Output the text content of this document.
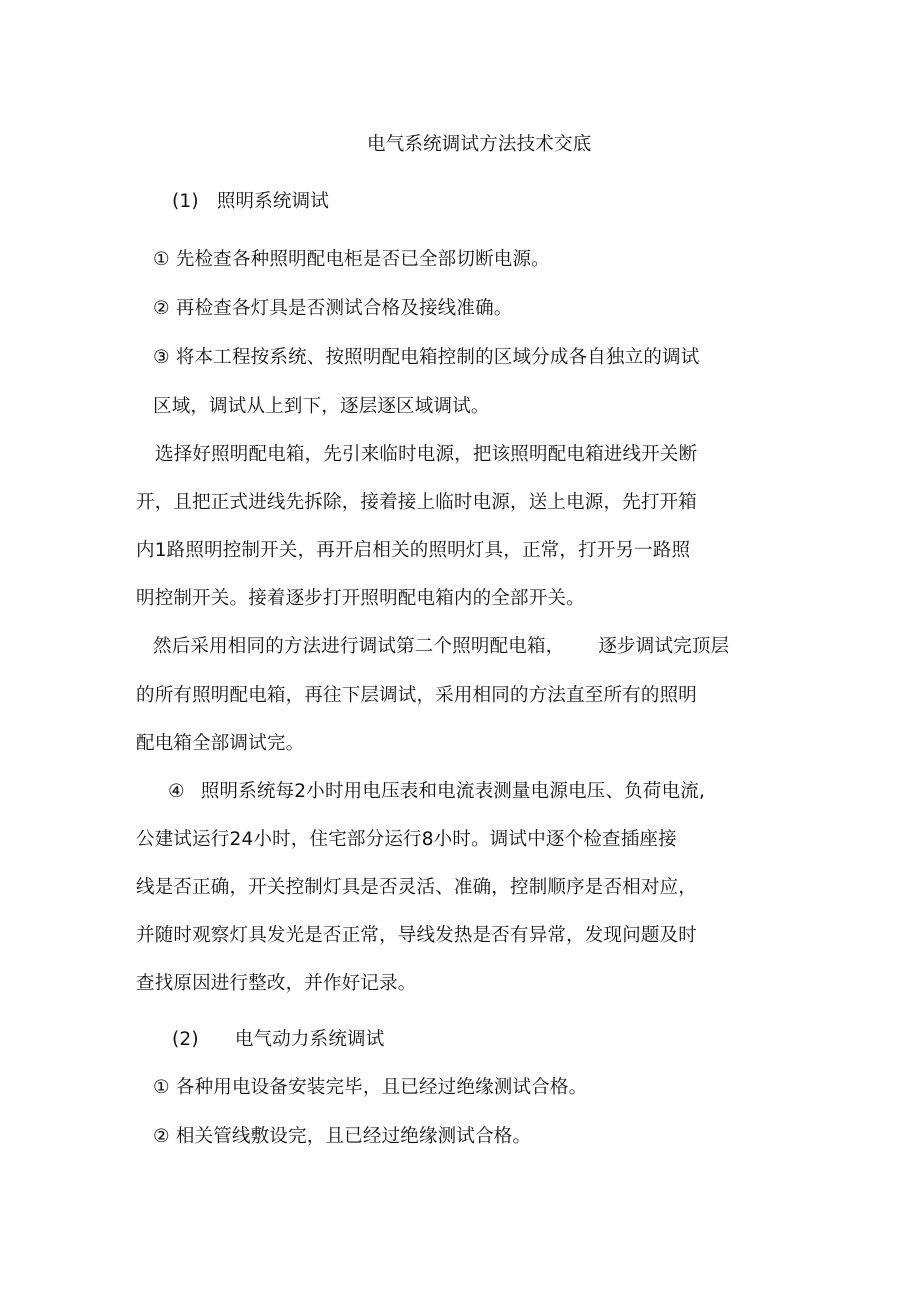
电气系统调试方法技术交底
(1) 照明系统调试
① 先检查各种照明配电柜是否已全部切断电源。
② 再检查各灯具是否测试合格及接线准确。
③ 将本工程按系统、按照明配电箱控制的区域分成各自独立的调试
区域，调试从上到下，逐层逐区域调试。
选择好照明配电箱，先引来临时电源，把该照明配电箱进线开关断
开，且把正式进线先拆除，接着接上临时电源，送上电源，先打开箱
内1路照明控制开关，再开启相关的照明灯具，正常，打开另一路照
明控制开关。接着逐步打开照明配电箱内的全部开关。
然后采用相同的方法进行调试第二个照明配电箱， 逐步调试完顶层
的所有照明配电箱，再往下层调试，采用相同的方法直至所有的照明
配电箱全部调试完。
④ 照明系统每2小时用电压表和电流表测量电源电压、负荷电流,
公建试运行24小时，住宅部分运行8小时。调试中逐个检查插座接
线是否正确，开关控制灯具是否灵活、准确，控制顺序是否相对应，
并随时观察灯具发光是否正常，导线发热是否有异常，发现问题及时
查找原因进行整改，并作好记录。
(2) 电气动力系统调试
① 各种用电设备安装完毕，且已经过绝缘测试合格。
② 相关管线敷设完，且已经过绝缘测试合格。
